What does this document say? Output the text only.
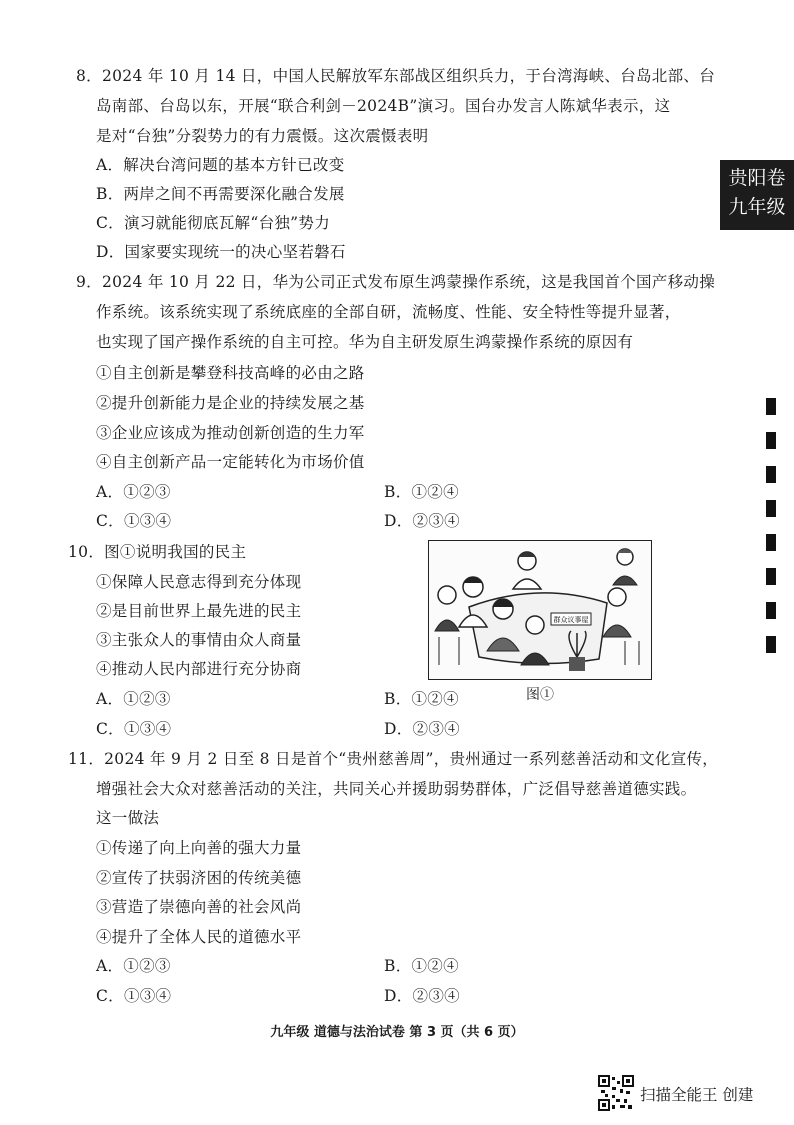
贵阳卷
九年级
8．2024 年 10 月 14 日，中国人民解放军东部战区组织兵力，于台湾海峡、台岛北部、台
岛南部、台岛以东，开展“联合利剑－2024B”演习。国台办发言人陈斌华表示，这
是对“台独”分裂势力的有力震慑。这次震慑表明
A．解决台湾问题的基本方针已改变
B．两岸之间不再需要深化融合发展
C．演习就能彻底瓦解“台独”势力
D．国家要实现统一的决心坚若磐石
9．2024 年 10 月 22 日，华为公司正式发布原生鸿蒙操作系统，这是我国首个国产移动操
作系统。该系统实现了系统底座的全部自研，流畅度、性能、安全特性等提升显著，
也实现了国产操作系统的自主可控。华为自主研发原生鸿蒙操作系统的原因有
①自主创新是攀登科技高峰的必由之路
②提升创新能力是企业的持续发展之基
③企业应该成为推动创新创造的生力军
④自主创新产品一定能转化为市场价值
A．①②③	B．①②④
C．①③④	D．②③④
10．图①说明我国的民主
①保障人民意志得到充分体现
②是目前世界上最先进的民主
③主张众人的事情由众人商量
④推动人民内部进行充分协商
A．①②③	B．①②④
C．①③④	D．②③④
群众议事屋
图①
11．2024 年 9 月 2 日至 8 日是首个“贵州慈善周”，贵州通过一系列慈善活动和文化宣传，
增强社会大众对慈善活动的关注，共同关心并援助弱势群体，广泛倡导慈善道德实践。
这一做法
①传递了向上向善的强大力量
②宣传了扶弱济困的传统美德
③营造了崇德向善的社会风尚
④提升了全体人民的道德水平
A．①②③	B．①②④
C．①③④	D．②③④
九年级 道德与法治试卷 第 3 页（共 6 页）
扫描全能王 创建
